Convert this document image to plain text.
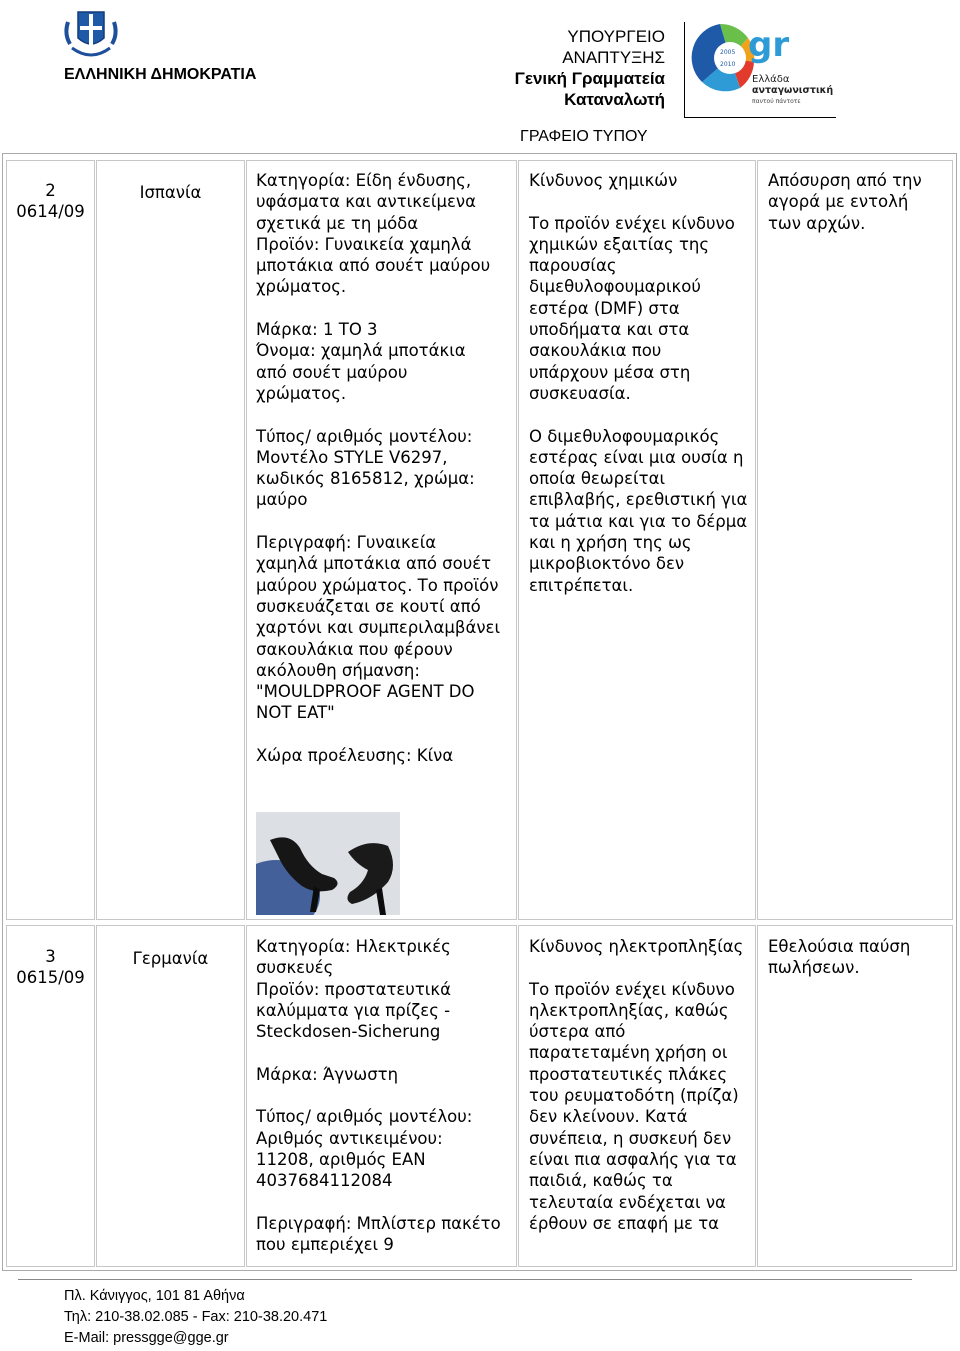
ΕΛΛΗΝΙΚΗ ΔΗΜΟΚΡΑΤΙΑ
ΥΠΟΥΡΓΕΙΟ
ΑΝΑΠΤΥΞΗΣ
Γενική Γραμματεία
Καταναλωτή
2005
2010 gr
Ελλάδα
ανταγωνιστική
παντού πάντοτε
ΓΡΑΦΕΙΟ ΤΥΠΟΥ
2
0614/09
Ισπανία
Κατηγορία: Είδη ένδυσης,
υφάσματα και αντικείμενα
σχετικά με τη μόδα
Προϊόν: Γυναικεία χαμηλά
μποτάκια από σουέτ μαύρου
χρώματος.

Μάρκα: 1 TO 3
Όνομα: χαμηλά μποτάκια
από σουέτ μαύρου
χρώματος.

Τύπος/ αριθμός μοντέλου:
Μοντέλο STYLE V6297,
κωδικός 8165812, χρώμα:
μαύρο

Περιγραφή: Γυναικεία
χαμηλά μποτάκια από σουέτ
μαύρου χρώματος. Το προϊόν
συσκευάζεται σε κουτί από
χαρτόνι και συμπεριλαμβάνει
σακουλάκια που φέρουν
ακόλουθη σήμανση:
"MOULDPROOF AGENT DO
NOT EAT"

Χώρα προέλευσης: Κίνα
Κίνδυνος χημικών

Το προϊόν ενέχει κίνδυνο
χημικών εξαιτίας της
παρουσίας
διμεθυλοφουμαρικού
εστέρα (DMF) στα
υποδήματα και στα
σακουλάκια που
υπάρχουν μέσα στη
συσκευασία.

Ο διμεθυλοφουμαρικός
εστέρας είναι μια ουσία η
οποία θεωρείται
επιβλαβής, ερεθιστική για
τα μάτια και για το δέρμα
και η χρήση της ως
μικροβιοκτόνο δεν
επιτρέπεται.
Απόσυρση από την
αγορά με εντολή
των αρχών.
3
0615/09
Γερμανία
Κατηγορία: Ηλεκτρικές
συσκευές
Προϊόν: προστατευτικά
καλύμματα για πρίζες -
Steckdosen-Sicherung

Μάρκα: Άγνωστη

Τύπος/ αριθμός μοντέλου:
Αριθμός αντικειμένου:
11208, αριθμός EAN
4037684112084

Περιγραφή: Μπλίστερ πακέτο
που εμπεριέχει 9
Κίνδυνος ηλεκτροπληξίας

Το προϊόν ενέχει κίνδυνο
ηλεκτροπληξίας, καθώς
ύστερα από
παρατεταμένη χρήση οι
προστατευτικές πλάκες
του ρευματοδότη (πρίζα)
δεν κλείνουν. Κατά
συνέπεια, η συσκευή δεν
είναι πια ασφαλής για τα
παιδιά, καθώς τα
τελευταία ενδέχεται να
έρθουν σε επαφή με τα
Εθελούσια παύση
πωλήσεων.
Πλ. Κάνιγγος, 101 81 Αθήνα
Τηλ: 210-38.02.085 - Fax: 210-38.20.471
E-Mail: pressgge@gge.gr
